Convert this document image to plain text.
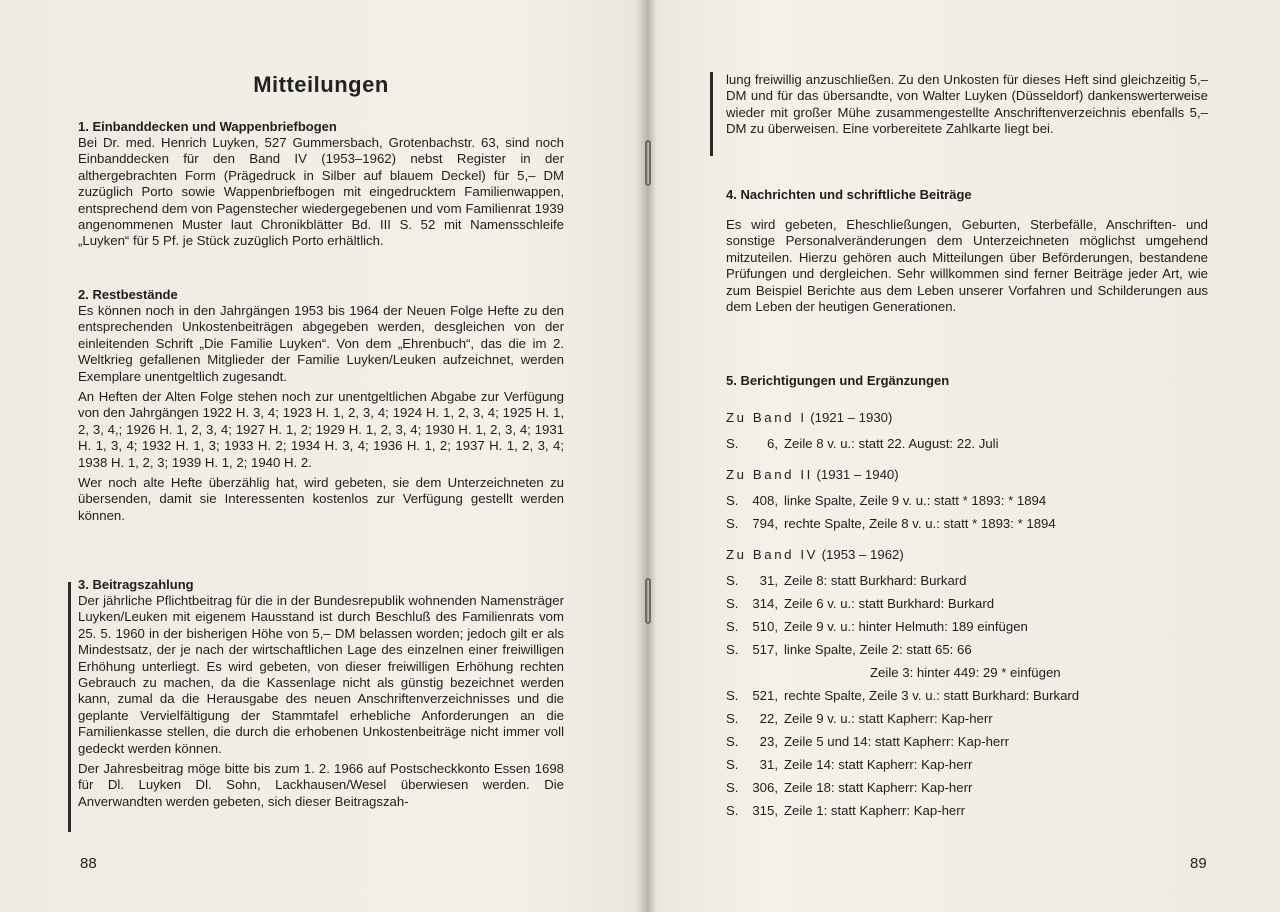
Mitteilungen
1. Einbanddecken und Wappenbriefbogen

Bei Dr. med. Henrich Luyken, 527 Gummersbach, Grotenbachstr. 63, sind noch Einbanddecken für den Band IV (1953–1962) nebst Register in der althergebrachten Form (Prägedruck in Silber auf blauem Deckel) für 5,– DM zuzüglich Porto sowie Wappenbriefbogen mit eingedrucktem Familienwappen, entsprechend dem von Pagenstecher wiedergegebenen und vom Familienrat 1939 angenommenen Muster laut Chronikblätter Bd. III S. 52 mit Namensschleife „Luyken“ für 5 Pf. je Stück zuzüglich Porto erhältlich.

2. Restbestände

Es können noch in den Jahrgängen 1953 bis 1964 der Neuen Folge Hefte zu den entsprechenden Unkostenbeiträgen abgegeben werden, desgleichen von der einleitenden Schrift „Die Familie Luyken“. Von dem „Ehrenbuch“, das die im 2. Weltkrieg gefallenen Mitglieder der Familie Luyken/Leuken aufzeichnet, werden Exemplare unentgeltlich zugesandt.

An Heften der Alten Folge stehen noch zur unentgeltlichen Abgabe zur Verfügung von den Jahrgängen 1922 H. 3, 4; 1923 H. 1, 2, 3, 4; 1924 H. 1, 2, 3, 4; 1925 H. 1, 2, 3, 4,; 1926 H. 1, 2, 3, 4; 1927 H. 1, 2; 1929 H. 1, 2, 3, 4; 1930 H. 1, 2, 3, 4; 1931 H. 1, 3, 4; 1932 H. 1, 3; 1933 H. 2; 1934 H. 3, 4; 1936 H. 1, 2; 1937 H. 1, 2, 3, 4; 1938 H. 1, 2, 3; 1939 H. 1, 2; 1940 H. 2.

Wer noch alte Hefte überzählig hat, wird gebeten, sie dem Unterzeichneten zu übersenden, damit sie Interessenten kostenlos zur Verfügung gestellt werden können.

3. Beitragszahlung

Der jährliche Pflichtbeitrag für die in der Bundesrepublik wohnenden Namensträger Luyken/Leuken mit eigenem Hausstand ist durch Beschluß des Familienrats vom 25. 5. 1960 in der bisherigen Höhe von 5,– DM belassen worden; jedoch gilt er als Mindestsatz, der je nach der wirtschaftlichen Lage des einzelnen einer freiwilligen Erhöhung unterliegt. Es wird gebeten, von dieser freiwilligen Erhöhung rechten Gebrauch zu machen, da die Kassenlage nicht als günstig bezeichnet werden kann, zumal da die Herausgabe des neuen Anschriftenverzeichnisses und die geplante Vervielfältigung der Stammtafel erhebliche Anforderungen an die Familienkasse stellen, die durch die erhobenen Unkostenbeiträge nicht immer voll gedeckt werden können.

Der Jahresbeitrag möge bitte bis zum 1. 2. 1966 auf Postscheckkonto Essen 1698 für Dl. Luyken Dl. Sohn, Lackhausen/Wesel überwiesen werden. Die Anverwandten werden gebeten, sich dieser Beitragszah-

88

lung freiwillig anzuschließen. Zu den Unkosten für dieses Heft sind gleichzeitig 5,– DM und für das übersandte, von Walter Luyken (Düsseldorf) dankenswerterweise wieder mit großer Mühe zusammengestellte Anschriftenverzeichnis ebenfalls 5,– DM zu überweisen. Eine vorbereitete Zahlkarte liegt bei.

4. Nachrichten und schriftliche Beiträge

Es wird gebeten, Eheschließungen, Geburten, Sterbefälle, Anschriften- und sonstige Personalveränderungen dem Unterzeichneten möglichst umgehend mitzuteilen. Hierzu gehören auch Mitteilungen über Beförderungen, bestandene Prüfungen und dergleichen. Sehr willkommen sind ferner Beiträge jeder Art, wie zum Beispiel Berichte aus dem Leben unserer Vorfahren und Schilderungen aus dem Leben der heutigen Generationen.

5. Berichtigungen und Ergänzungen

Zu Band I (1921 – 1930)

S. 6, Zeile 8 v. u.: statt 22. August: 22. Juli

Zu Band II (1931 – 1940)

S. 408, linke Spalte, Zeile 9 v. u.: statt * 1893: * 1894

S. 794, rechte Spalte, Zeile 8 v. u.: statt * 1893: * 1894

Zu Band IV (1953 – 1962)

S. 31, Zeile 8: statt Burkhard: Burkard

S. 314, Zeile 6 v. u.: statt Burkhard: Burkard

S. 510, Zeile 9 v. u.: hinter Helmuth: 189 einfügen

S. 517, linke Spalte, Zeile 2: statt 65: 66

Zeile 3: hinter 449: 29 * einfügen

S. 521, rechte Spalte, Zeile 3 v. u.: statt Burkhard: Burkard

S. 22, Zeile 9 v. u.: statt Kapherr: Kap-herr

S. 23, Zeile 5 und 14: statt Kapherr: Kap-herr

S. 31, Zeile 14: statt Kapherr: Kap-herr

S. 306, Zeile 18: statt Kapherr: Kap-herr

S. 315, Zeile 1: statt Kapherr: Kap-herr

89
